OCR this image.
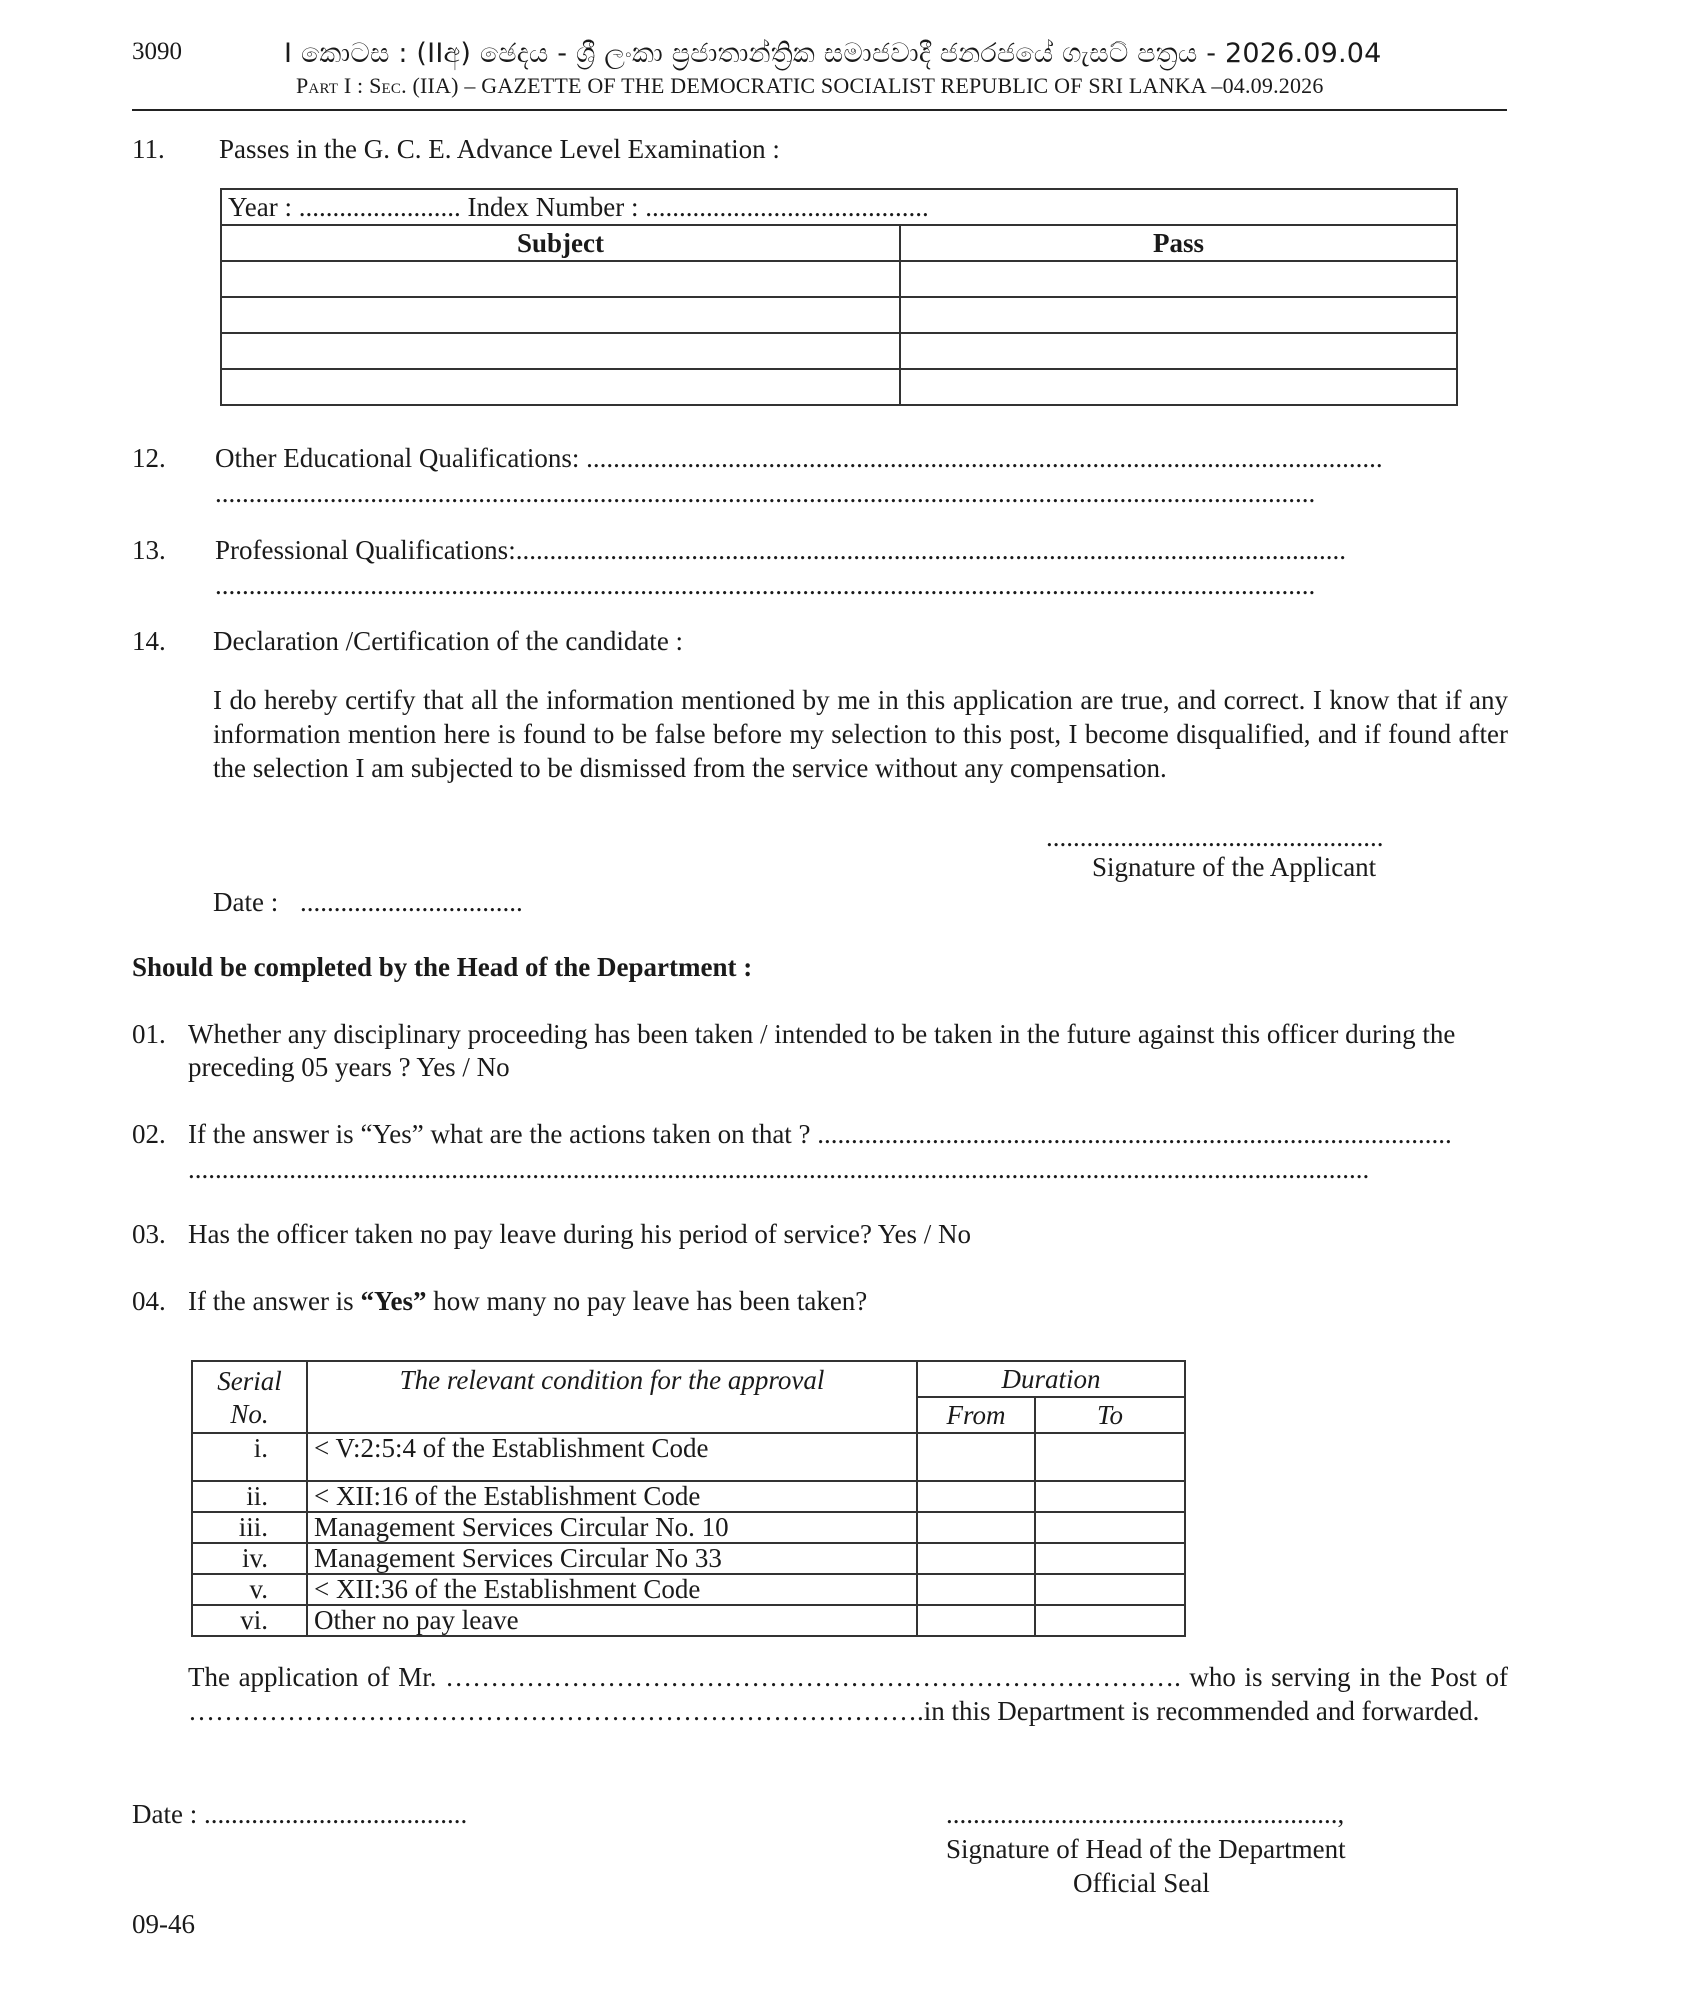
3090	I කොටස : (IIඅ) ඡෙදය - ශ්‍රී ලංකා ප්‍රජාතාන්ත්‍රික සමාජවාදී ජනරජයේ ගැසට් පත්‍රය - 2026.09.04
Part I : Sec. (IIA) – GAZETTE OF THE DEMOCRATIC SOCIALIST REPUBLIC OF SRI LANKA –04.09.2026
11. Passes in the G. C. E. Advance Level Examination :
Year : ........................ Index Number : ..........................................	
Subject	Pass

12. Other Educational Qualifications: ......................................................................................................................
...................................................................................................................................................................
13. Professional Qualifications:...........................................................................................................................
...................................................................................................................................................................
14. Declaration /Certification of the candidate :
I do hereby certify that all the information mentioned by me in this application are true, and correct. I know that if any information mention here is found to be false before my selection to this post, I become disqualified, and if found after the selection I am subjected to be dismissed from the service without any compensation.
..................................................
Signature of the Applicant
Date : .................................
Should be completed by the Head of the Department :
01. Whether any disciplinary proceeding has been taken / intended to be taken in the future against this officer during the
preceding 05 years ? Yes / No
02. If the answer is “Yes” what are the actions taken on that ? ..............................................................................................
...............................................................................................................................................................................
03. Has the officer taken no pay leave during his period of service? Yes / No
04. If the answer is “Yes” how many no pay leave has been taken?
Serial
No.	The relevant condition for the approval	Duration	
		From	To
i.	< V:2:5:4 of the Establishment Code		
ii.	< XII:16 of the Establishment Code		
iii.	Management Services Circular No. 10		
iv.	Management Services Circular No 33		
v.	< XII:36 of the Establishment Code		
vi.	Other no pay leave		
The application of Mr. ………………………………………………………………………. who is serving in the Post of ……………………………………………………………………….in this Department is recommended and forwarded.
Date : .......................................	..........................................................,
Signature of Head of the Department
Official Seal
09-46
